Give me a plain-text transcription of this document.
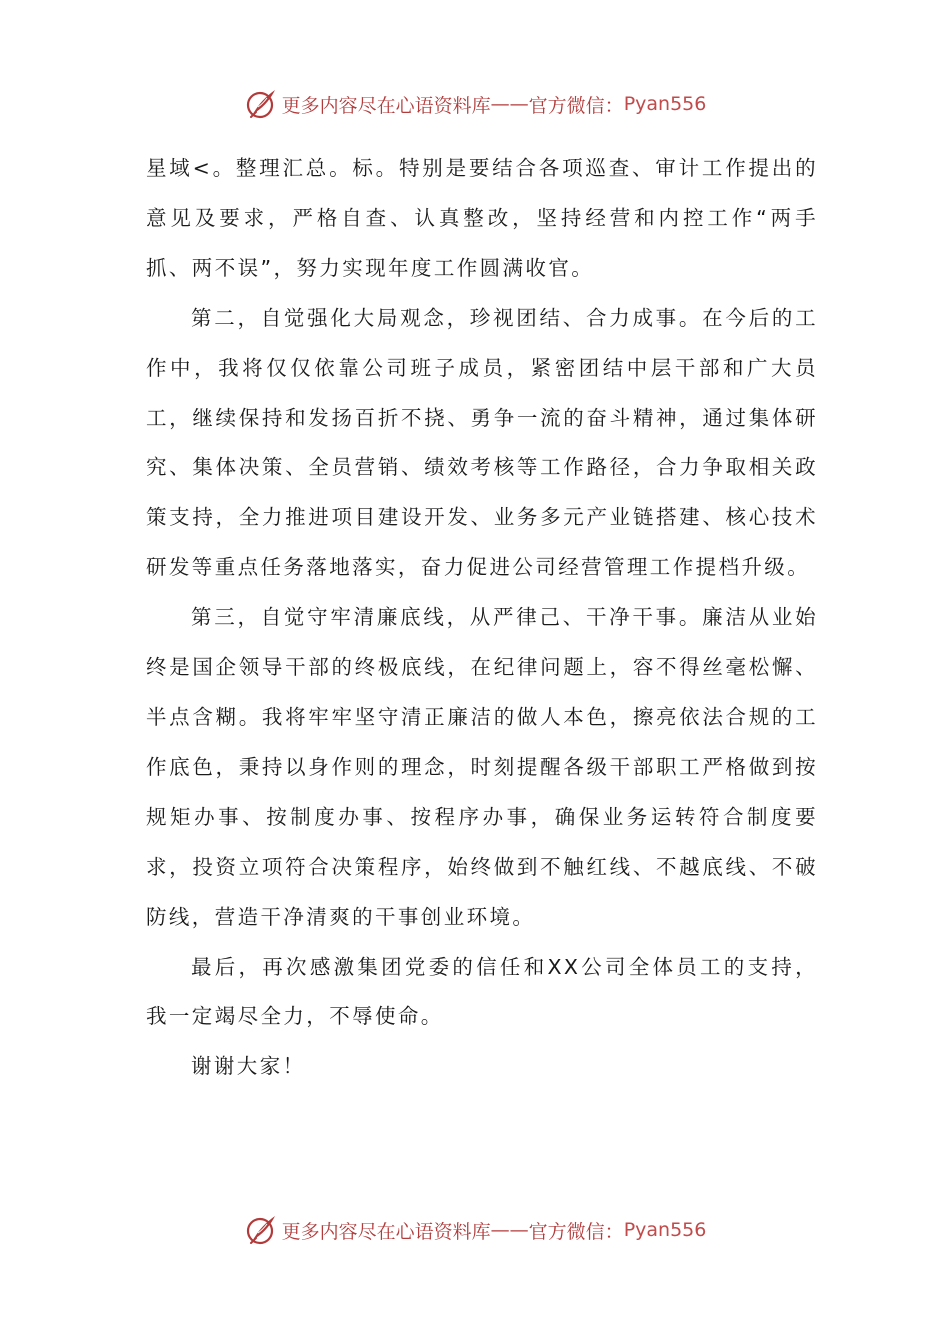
更多内容尽在心语资料库 —— 官方微信： Pyan556

星域<。整理汇总。标。特别是要结合各项巡查、审计工作提出的意见及要求，严格自查、认真整改，坚持经营和内控工作“两手抓、两不误”，努力实现年度工作圆满收官。

第二，自觉强化大局观念，珍视团结、合力成事。在今后的工作中，我将仅仅依靠公司班子成员，紧密团结中层干部和广大员工，继续保持和发扬百折不挠、勇争一流的奋斗精神，通过集体研究、集体决策、全员营销、绩效考核等工作路径，合力争取相关政策支持，全力推进项目建设开发、业务多元产业链搭建、核心技术研发等重点任务落地落实，奋力促进公司经营管理工作提档升级。

第三，自觉守牢清廉底线，从严律己、干净干事。廉洁从业始终是国企领导干部的终极底线，在纪律问题上，容不得丝毫松懈、半点含糊。我将牢牢坚守清正廉洁的做人本色，擦亮依法合规的工作底色，秉持以身作则的理念，时刻提醒各级干部职工严格做到按规矩办事、按制度办事、按程序办事，确保业务运转符合制度要求，投资立项符合决策程序，始终做到不触红线、不越底线、不破防线，营造干净清爽的干事创业环境。

最后，再次感激集团党委的信任和XX公司全体员工的支持，我一定竭尽全力，不辱使命。

谢谢大家！

更多内容尽在心语资料库 —— 官方微信： Pyan556
